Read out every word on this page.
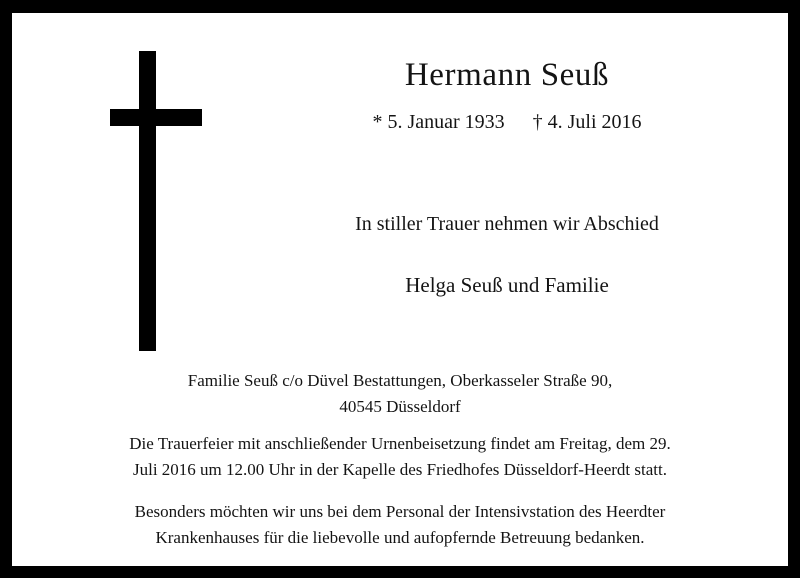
Hermann Seuß
* 5. Januar 1933 † 4. Juli 2016
In stiller Trauer nehmen wir Abschied
Helga Seuß und Familie
Familie Seuß c/o Düvel Bestattungen, Oberkasseler Straße 90,
40545 Düsseldorf
Die Trauerfeier mit anschließender Urnenbeisetzung findet am Freitag, dem 29.
Juli 2016 um 12.00 Uhr in der Kapelle des Friedhofes Düsseldorf-Heerdt statt.
Besonders möchten wir uns bei dem Personal der Intensivstation des Heerdter
Krankenhauses für die liebevolle und aufopfernde Betreuung bedanken.
